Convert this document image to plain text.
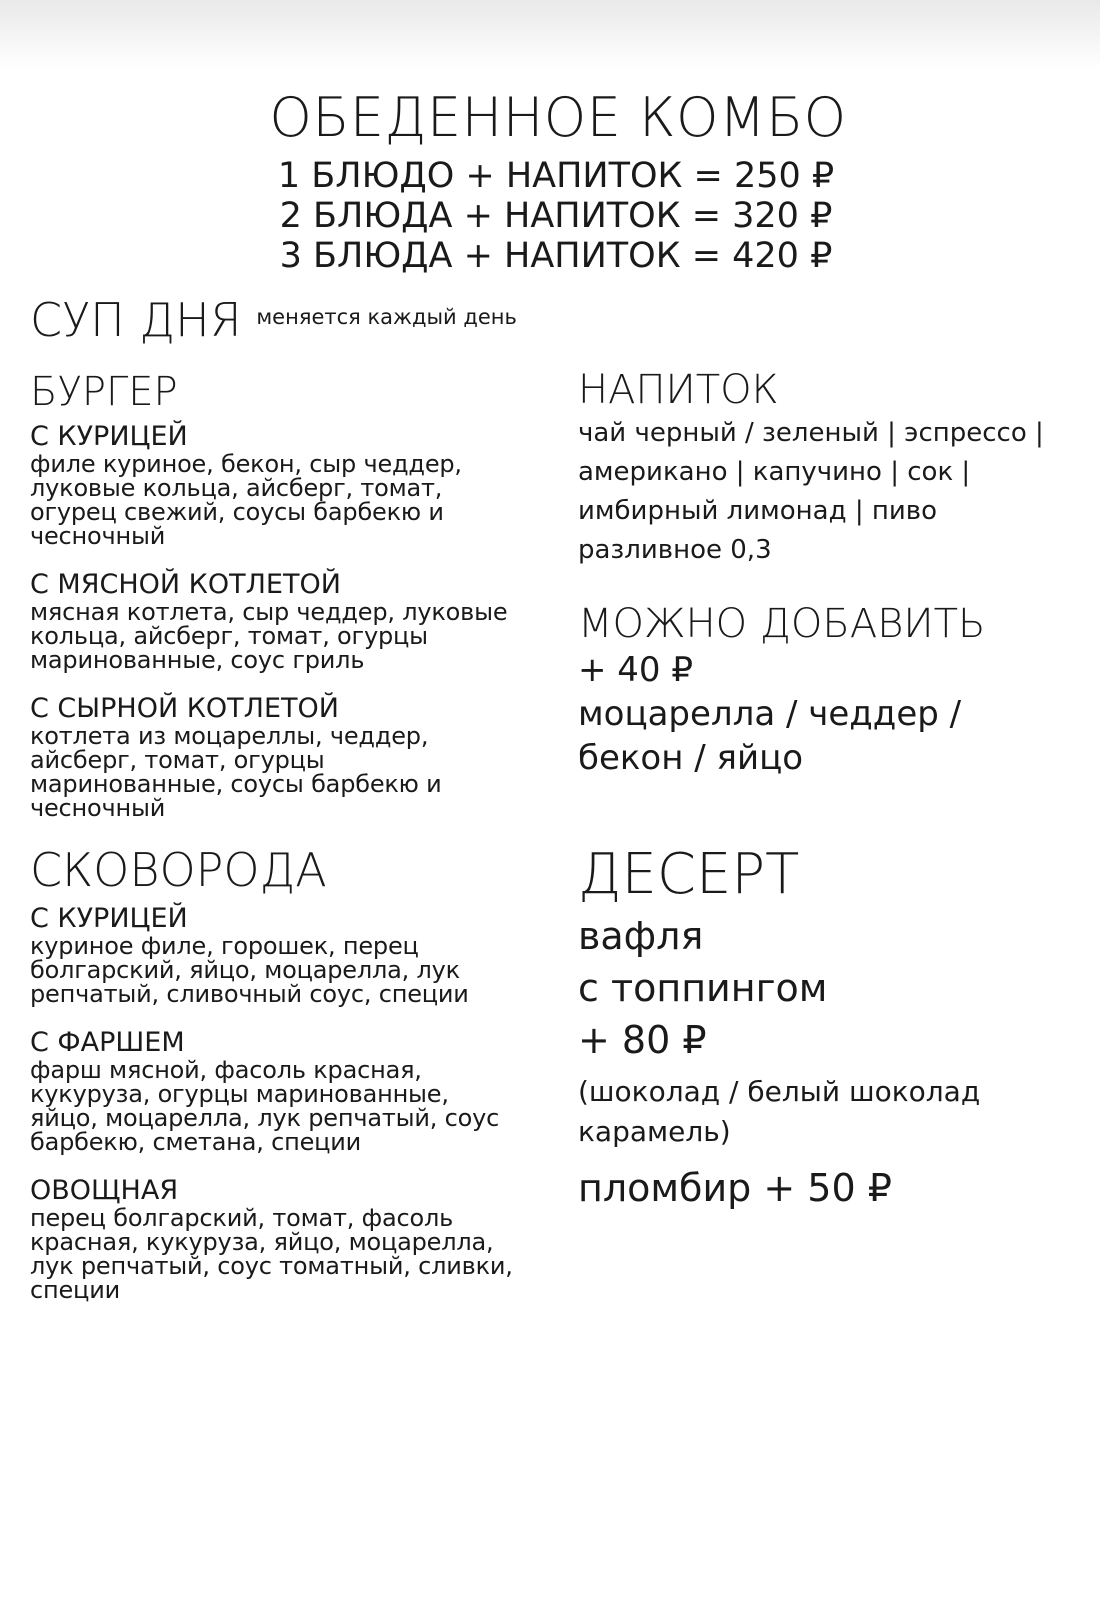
ОБЕДЕННОЕ КОМБО
1 БЛЮДО + НАПИТОК = 250 ₽
2 БЛЮДА + НАПИТОК = 320 ₽
3 БЛЮДА + НАПИТОК = 420 ₽
СУП ДНЯ меняется каждый день
БУРГЕР
С КУРИЦЕЙ
филе куриное, бекон, сыр чеддер, луковые кольца, айсберг, томат, огурец свежий, соусы барбекю и чесночный
С МЯСНОЙ КОТЛЕТОЙ
мясная котлета, сыр чеддер, луковые кольца, айсберг, томат, огурцы маринованные, соус гриль
С СЫРНОЙ КОТЛЕТОЙ
котлета из моцареллы, чеддер, айсберг, томат, огурцы маринованные, соусы барбекю и чесночный
СКОВОРОДА
С КУРИЦЕЙ
куриное филе, горошек, перец болгарский, яйцо, моцарелла, лук репчатый, сливочный соус, специи
С ФАРШЕМ
фарш мясной, фасоль красная, кукуруза, огурцы маринованные, яйцо, моцарелла, лук репчатый, соус барбекю, сметана, специи
ОВОЩНАЯ
перец болгарский, томат, фасоль красная, кукуруза, яйцо, моцарелла, лук репчатый, соус томатный, сливки, специи
НАПИТОК
чай черный / зеленый | эспрессо | американо | капучино | сок | имбирный лимонад | пиво разливное 0,3
МОЖНО ДОБАВИТЬ
+ 40 ₽
моцарелла / чеддер / бекон / яйцо
ДЕСЕРТ
вафля
с топпингом
+ 80 ₽
(шоколад / белый шоколад карамель)
пломбир + 50 ₽
